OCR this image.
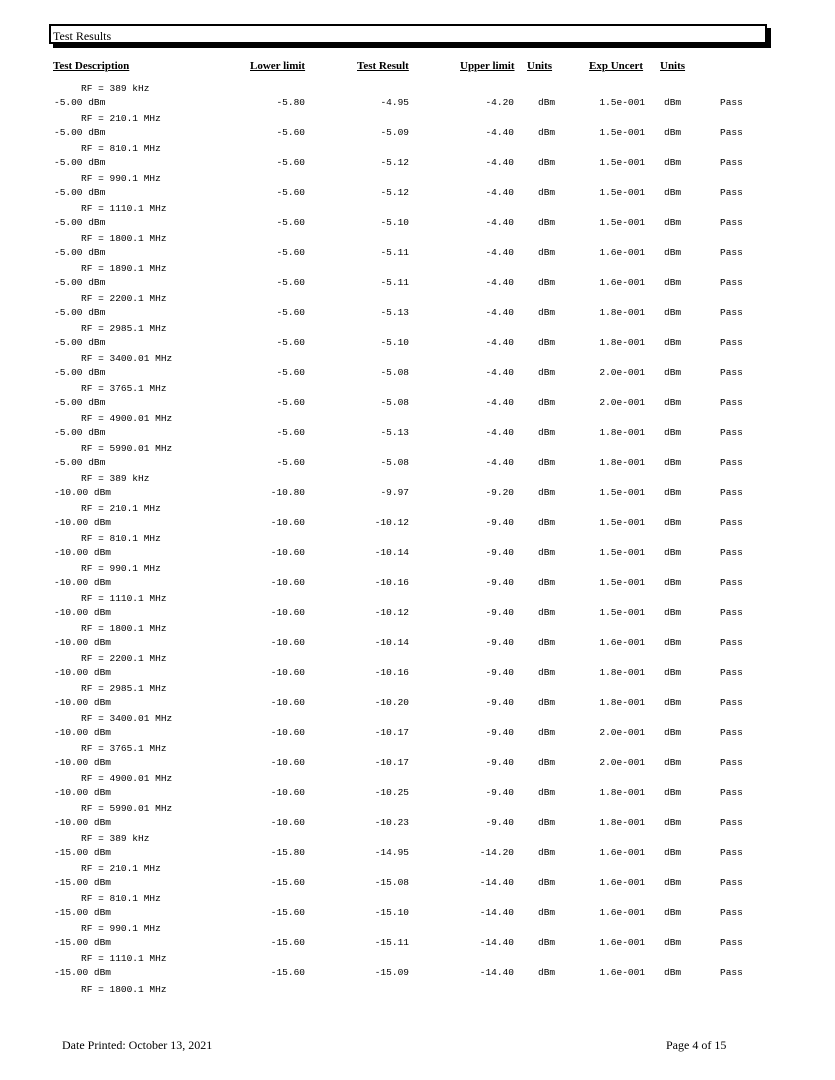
Test Results
Test Description	Lower limit	Test Result	Upper limit Units	Exp Uncert Units
RF = 389 kHz
-5.00 dBm	-5.80	-4.95	-4.20	dBm	1.5e-001 dBm	Pass
RF = 210.1 MHz
-5.00 dBm	-5.60	-5.09	-4.40	dBm	1.5e-001 dBm	Pass
RF = 810.1 MHz
-5.00 dBm	-5.60	-5.12	-4.40	dBm	1.5e-001 dBm	Pass
RF = 990.1 MHz
-5.00 dBm	-5.60	-5.12	-4.40	dBm	1.5e-001 dBm	Pass
RF = 1110.1 MHz
-5.00 dBm	-5.60	-5.10	-4.40	dBm	1.5e-001 dBm	Pass
RF = 1800.1 MHz
-5.00 dBm	-5.60	-5.11	-4.40	dBm	1.6e-001 dBm	Pass
RF = 1890.1 MHz
-5.00 dBm	-5.60	-5.11	-4.40	dBm	1.6e-001 dBm	Pass
RF = 2200.1 MHz
-5.00 dBm	-5.60	-5.13	-4.40	dBm	1.8e-001 dBm	Pass
RF = 2985.1 MHz
-5.00 dBm	-5.60	-5.10	-4.40	dBm	1.8e-001 dBm	Pass
RF = 3400.01 MHz
-5.00 dBm	-5.60	-5.08	-4.40	dBm	2.0e-001 dBm	Pass
RF = 3765.1 MHz
-5.00 dBm	-5.60	-5.08	-4.40	dBm	2.0e-001 dBm	Pass
RF = 4900.01 MHz
-5.00 dBm	-5.60	-5.13	-4.40	dBm	1.8e-001 dBm	Pass
RF = 5990.01 MHz
-5.00 dBm	-5.60	-5.08	-4.40	dBm	1.8e-001 dBm	Pass
RF = 389 kHz
-10.00 dBm	-10.80	-9.97	-9.20	dBm	1.5e-001 dBm	Pass
RF = 210.1 MHz
-10.00 dBm	-10.60	-10.12	-9.40	dBm	1.5e-001 dBm	Pass
RF = 810.1 MHz
-10.00 dBm	-10.60	-10.14	-9.40	dBm	1.5e-001 dBm	Pass
RF = 990.1 MHz
-10.00 dBm	-10.60	-10.16	-9.40	dBm	1.5e-001 dBm	Pass
RF = 1110.1 MHz
-10.00 dBm	-10.60	-10.12	-9.40	dBm	1.5e-001 dBm	Pass
RF = 1800.1 MHz
-10.00 dBm	-10.60	-10.14	-9.40	dBm	1.6e-001 dBm	Pass
RF = 2200.1 MHz
-10.00 dBm	-10.60	-10.16	-9.40	dBm	1.8e-001 dBm	Pass
RF = 2985.1 MHz
-10.00 dBm	-10.60	-10.20	-9.40	dBm	1.8e-001 dBm	Pass
RF = 3400.01 MHz
-10.00 dBm	-10.60	-10.17	-9.40	dBm	2.0e-001 dBm	Pass
RF = 3765.1 MHz
-10.00 dBm	-10.60	-10.17	-9.40	dBm	2.0e-001 dBm	Pass
RF = 4900.01 MHz
-10.00 dBm	-10.60	-10.25	-9.40	dBm	1.8e-001 dBm	Pass
RF = 5990.01 MHz
-10.00 dBm	-10.60	-10.23	-9.40	dBm	1.8e-001 dBm	Pass
RF = 389 kHz
-15.00 dBm	-15.80	-14.95	-14.20	dBm	1.6e-001 dBm	Pass
RF = 210.1 MHz
-15.00 dBm	-15.60	-15.08	-14.40	dBm	1.6e-001 dBm	Pass
RF = 810.1 MHz
-15.00 dBm	-15.60	-15.10	-14.40	dBm	1.6e-001 dBm	Pass
RF = 990.1 MHz
-15.00 dBm	-15.60	-15.11	-14.40	dBm	1.6e-001 dBm	Pass
RF = 1110.1 MHz
-15.00 dBm	-15.60	-15.09	-14.40	dBm	1.6e-001 dBm	Pass
RF = 1800.1 MHz
Date Printed: October 13, 2021	Page 4 of 15
